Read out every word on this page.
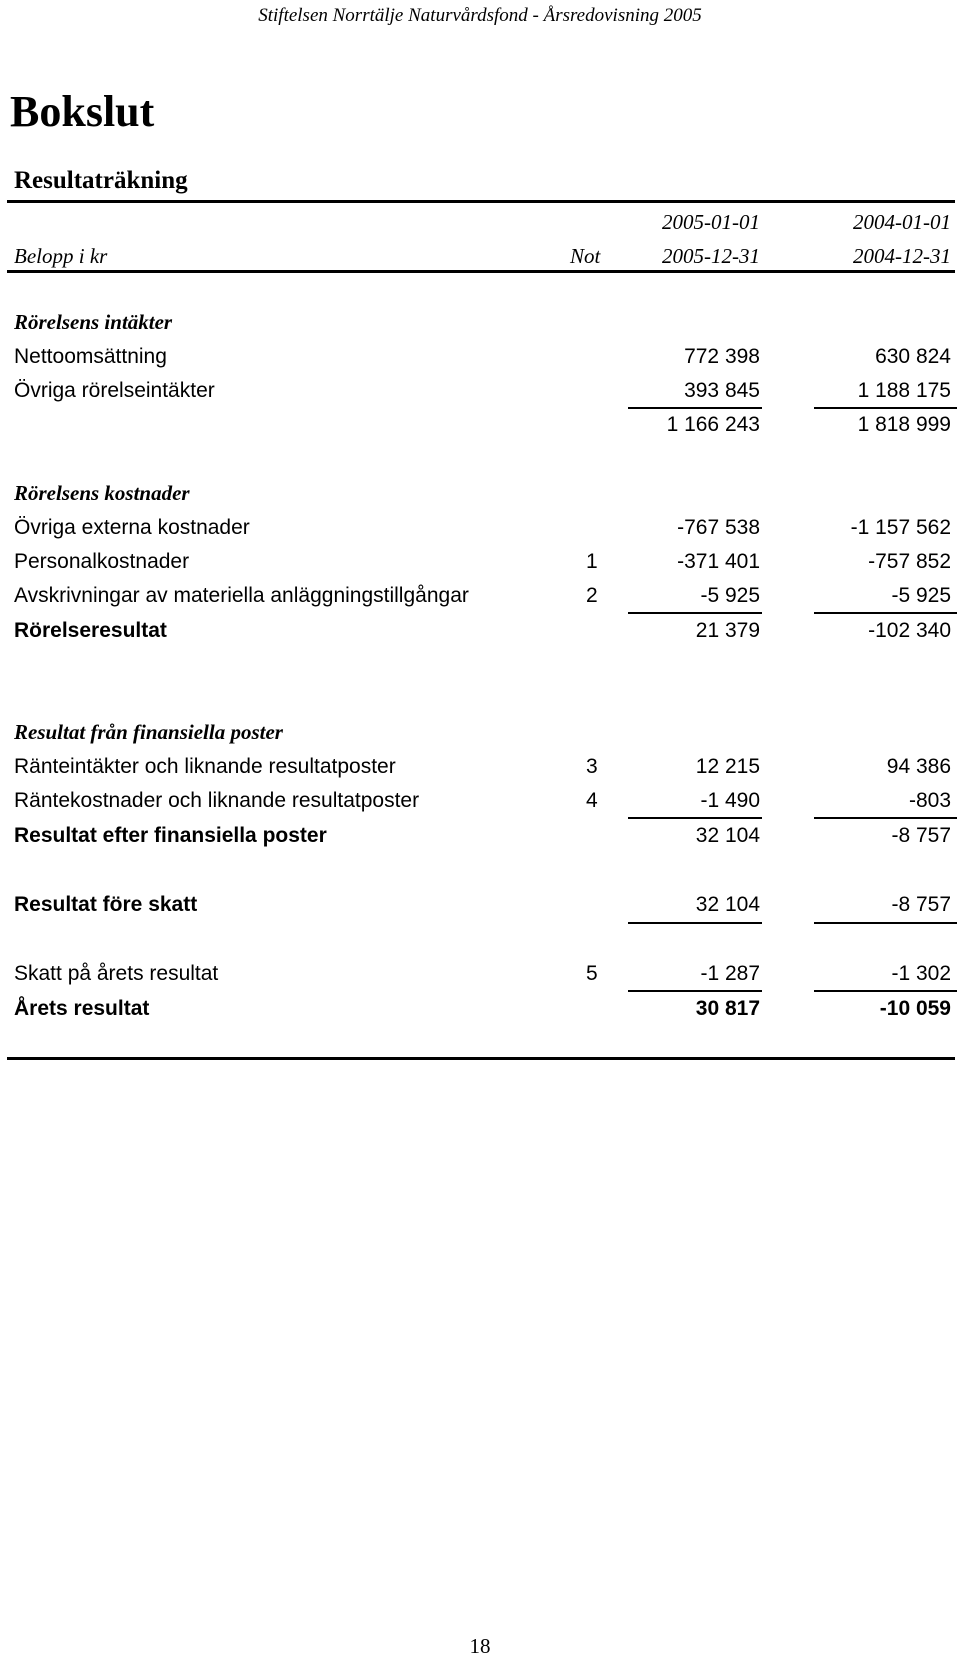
Stiftelsen Norrtälje Naturvårdsfond - Årsredovisning 2005
Bokslut
Resultaträkning
2005-01-01	2004-01-01
Belopp i kr	Not	2005-12-31	2004-12-31
Rörelsens intäkter
Nettoomsättning	772 398	630 824
Övriga rörelseintäkter	393 845	1 188 175
1 166 243	1 818 999
Rörelsens kostnader
Övriga externa kostnader	-767 538	-1 157 562
Personalkostnader	1	-371 401	-757 852
Avskrivningar av materiella anläggningstillgångar	2	-5 925	-5 925
Rörelseresultat	21 379	-102 340
Resultat från finansiella poster
Ränteintäkter och liknande resultatposter	3	12 215	94 386
Räntekostnader och liknande resultatposter	4	-1 490	-803
Resultat efter finansiella poster	32 104	-8 757
Resultat före skatt	32 104	-8 757
Skatt på årets resultat	5	-1 287	-1 302
Årets resultat	30 817	-10 059
18
